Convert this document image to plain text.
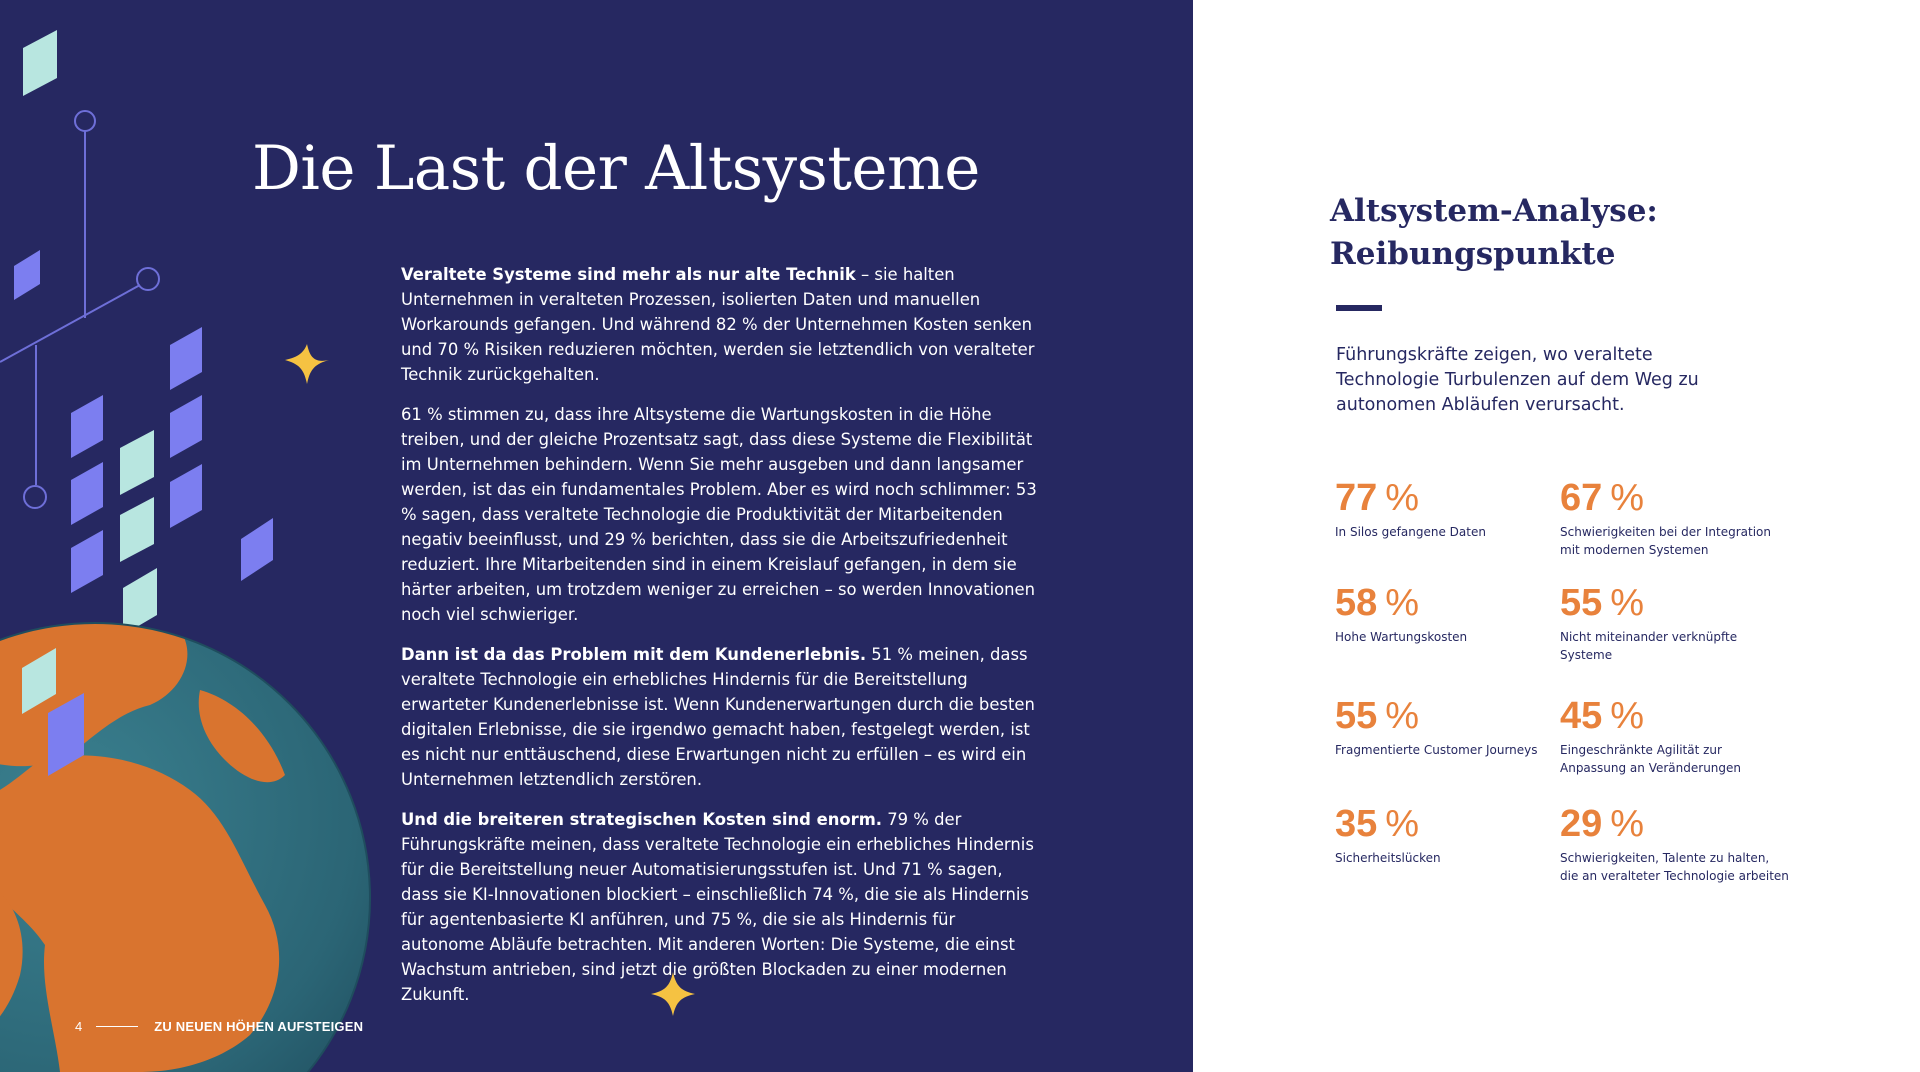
Die Last der Altsysteme

Veraltete Systeme sind mehr als nur alte Technik – sie halten Unternehmen in veralteten Prozessen, isolierten Daten und manuellen Workarounds gefangen. Und während 82 % der Unternehmen Kosten senken und 70 % Risiken reduzieren möchten, werden sie letztendlich von veralteter Technik zurückgehalten.

61 % stimmen zu, dass ihre Altsysteme die Wartungskosten in die Höhe treiben, und der gleiche Prozentsatz sagt, dass diese Systeme die Flexibilität im Unternehmen behindern. Wenn Sie mehr ausgeben und dann langsamer werden, ist das ein fundamentales Problem. Aber es wird noch schlimmer: 53 % sagen, dass veraltete Technologie die Produktivität der Mitarbeitenden negativ beeinflusst, und 29 % berichten, dass sie die Arbeitszufriedenheit reduziert. Ihre Mitarbeitenden sind in einem Kreislauf gefangen, in dem sie härter arbeiten, um trotzdem weniger zu erreichen – so werden Innovationen noch viel schwieriger.

Dann ist da das Problem mit dem Kundenerlebnis. 51 % meinen, dass veraltete Technologie ein erhebliches Hindernis für die Bereitstellung erwarteter Kundenerlebnisse ist. Wenn Kundenerwartungen durch die besten digitalen Erlebnisse, die sie irgendwo gemacht haben, festgelegt werden, ist es nicht nur enttäuschend, diese Erwartungen nicht zu erfüllen – es wird ein Unternehmen letztendlich zerstören.

Und die breiteren strategischen Kosten sind enorm. 79 % der Führungskräfte meinen, dass veraltete Technologie ein erhebliches Hindernis für die Bereitstellung neuer Automatisierungsstufen ist. Und 71 % sagen, dass sie KI-Innovationen blockiert – einschließlich 74 %, die sie als Hindernis für agentenbasierte KI anführen, und 75 %, die sie als Hindernis für autonome Abläufe betrachten. Mit anderen Worten: Die Systeme, die einst Wachstum antrieben, sind jetzt die größten Blockaden zu einer modernen Zukunft.

4	ZU NEUEN HÖHEN AUFSTEIGEN
Altsystem-Analyse: Reibungspunkte

Führungskräfte zeigen, wo veraltete Technologie Turbulenzen auf dem Weg zu autonomen Abläufen verursacht.

77 %
In Silos gefangene Daten
67 %
Schwierigkeiten bei der Integration mit modernen Systemen
58 %
Hohe Wartungskosten
55 %
Nicht miteinander verknüpfte Systeme
55 %
Fragmentierte Customer Journeys
45 %
Eingeschränkte Agilität zur Anpassung an Veränderungen
35 %
Sicherheitslücken
29 %
Schwierigkeiten, Talente zu halten, die an veralteter Technologie arbeiten
